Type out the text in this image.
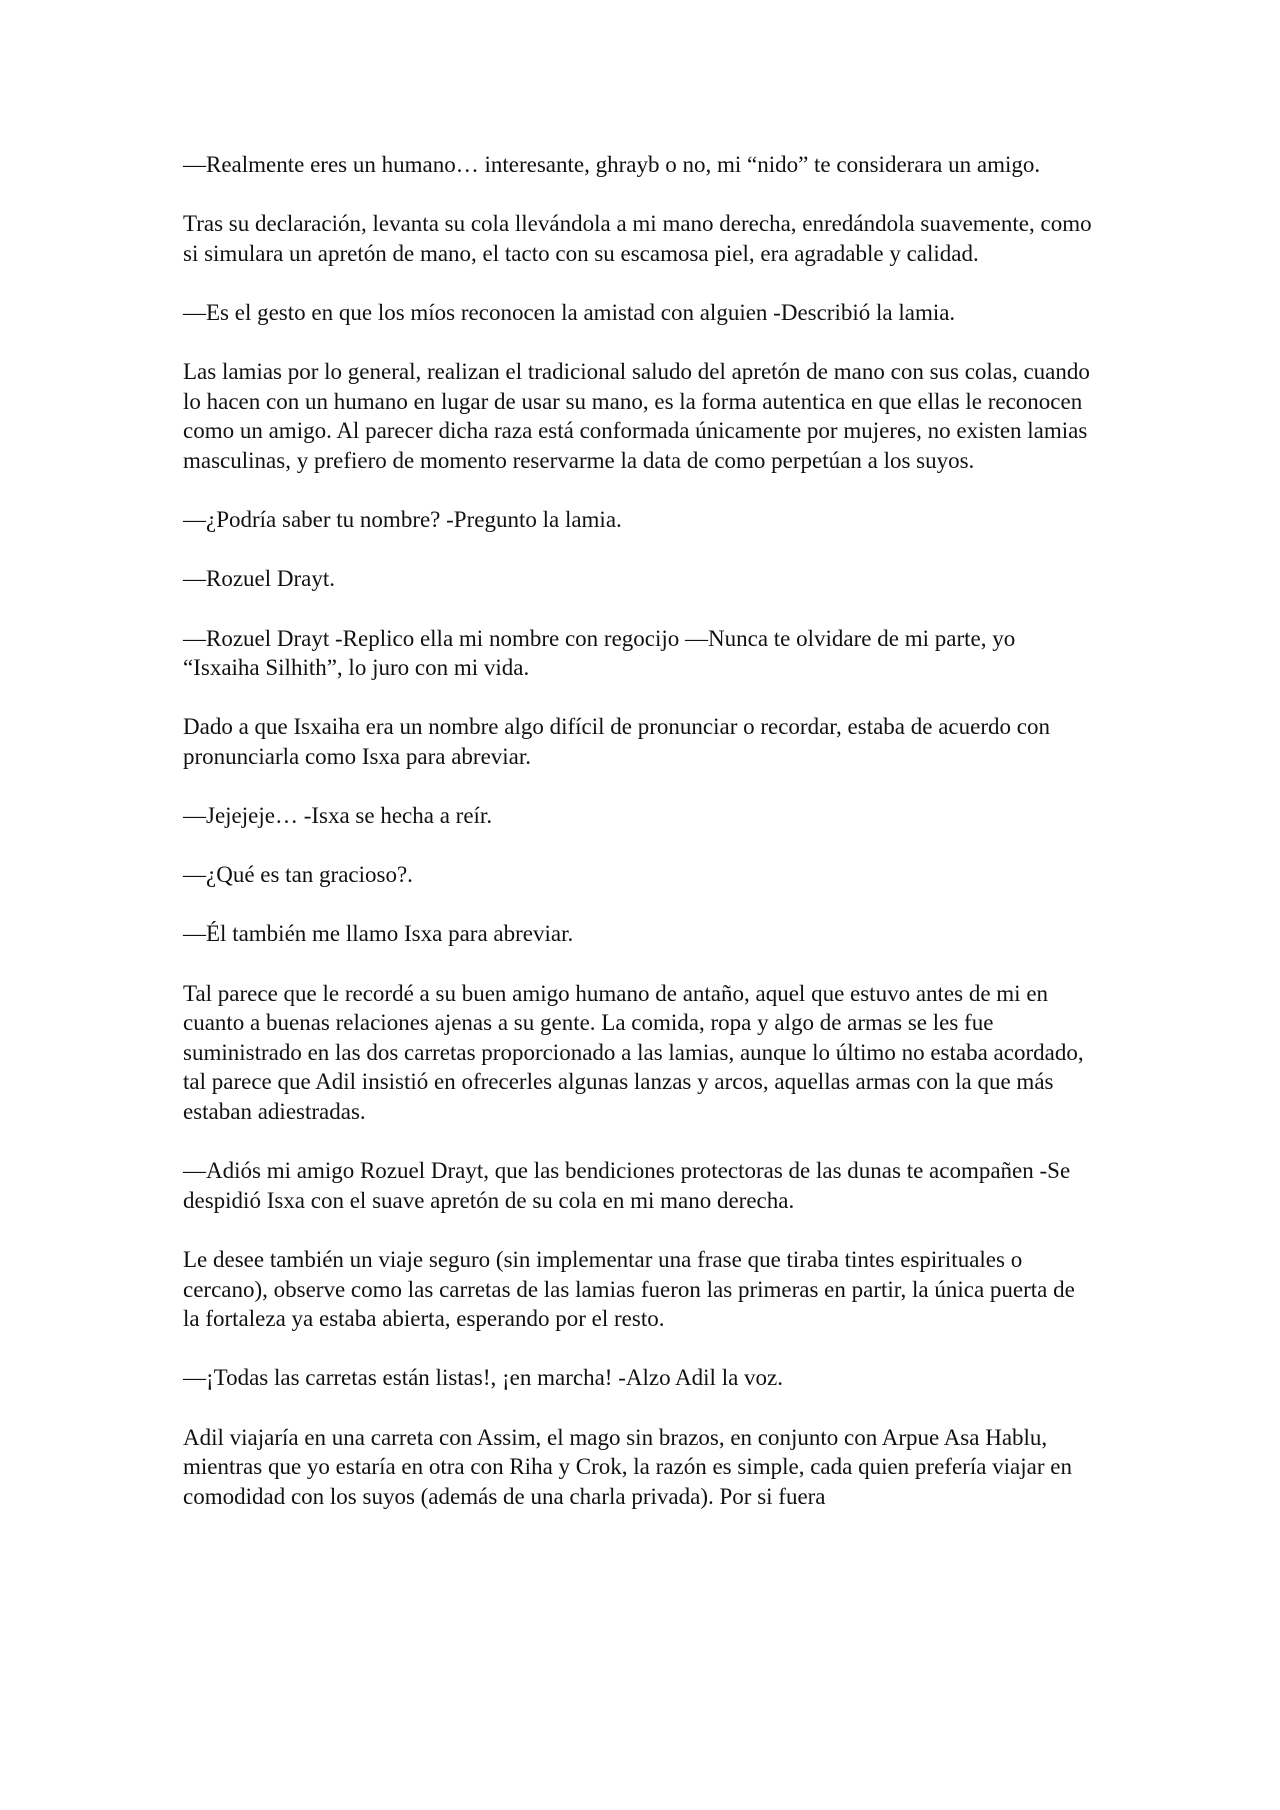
—Realmente eres un humano… interesante, ghrayb o no, mi “nido” te considerara un amigo.

Tras su declaración, levanta su cola llevándola a mi mano derecha, enredándola suavemente, como si simulara un apretón de mano, el tacto con su escamosa piel, era agradable y calidad.

—Es el gesto en que los míos reconocen la amistad con alguien -Describió la lamia.

Las lamias por lo general, realizan el tradicional saludo del apretón de mano con sus colas, cuando lo hacen con un humano en lugar de usar su mano, es la forma autentica en que ellas le reconocen como un amigo. Al parecer dicha raza está conformada únicamente por mujeres, no existen lamias masculinas, y prefiero de momento reservarme la data de como perpetúan a los suyos.

—¿Podría saber tu nombre? -Pregunto la lamia.

—Rozuel Drayt.

—Rozuel Drayt -Replico ella mi nombre con regocijo —Nunca te olvidare de mi parte, yo “Isxaiha Silhith”, lo juro con mi vida.

Dado a que Isxaiha era un nombre algo difícil de pronunciar o recordar, estaba de acuerdo con pronunciarla como Isxa para abreviar.

—Jejejeje… -Isxa se hecha a reír.

—¿Qué es tan gracioso?.

—Él también me llamo Isxa para abreviar.

Tal parece que le recordé a su buen amigo humano de antaño, aquel que estuvo antes de mi en cuanto a buenas relaciones ajenas a su gente. La comida, ropa y algo de armas se les fue suministrado en las dos carretas proporcionado a las lamias, aunque lo último no estaba acordado, tal parece que Adil insistió en ofrecerles algunas lanzas y arcos, aquellas armas con la que más estaban adiestradas.

—Adiós mi amigo Rozuel Drayt, que las bendiciones protectoras de las dunas te acompañen -Se despidió Isxa con el suave apretón de su cola en mi mano derecha.

Le desee también un viaje seguro (sin implementar una frase que tiraba tintes espirituales o cercano), observe como las carretas de las lamias fueron las primeras en partir, la única puerta de la fortaleza ya estaba abierta, esperando por el resto.

—¡Todas las carretas están listas!, ¡en marcha! -Alzo Adil la voz.

Adil viajaría en una carreta con Assim, el mago sin brazos, en conjunto con Arpue Asa Hablu, mientras que yo estaría en otra con Riha y Crok, la razón es simple, cada quien prefería viajar en comodidad con los suyos (además de una charla privada). Por si fuera
